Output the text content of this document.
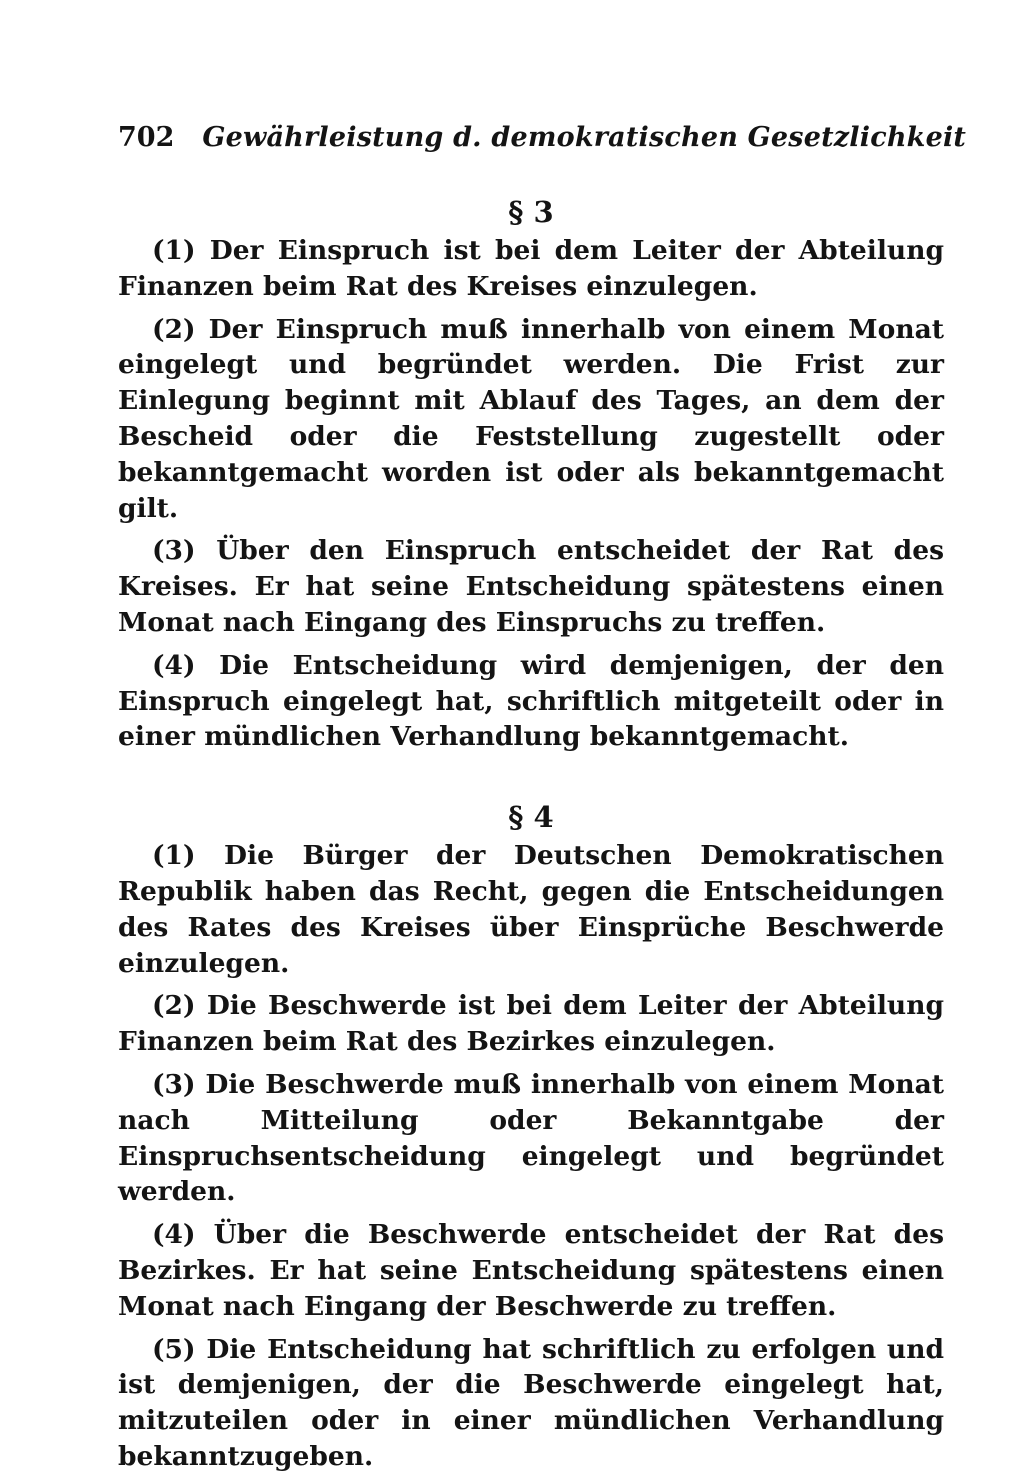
702 Gewährleistung d. demokratischen Gesetzlichkeit
§ 3

(1) Der Einspruch ist bei dem Leiter der Abteilung Finanzen beim Rat des Kreises einzulegen.

(2) Der Einspruch muß innerhalb von einem Monat eingelegt und begründet werden. Die Frist zur Einlegung beginnt mit Ablauf des Tages, an dem der Bescheid oder die Feststellung zugestellt oder bekanntgemacht worden ist oder als bekanntgemacht gilt.

(3) Über den Einspruch entscheidet der Rat des Kreises. Er hat seine Entscheidung spätestens einen Monat nach Eingang des Einspruchs zu treffen.

(4) Die Entscheidung wird demjenigen, der den Einspruch eingelegt hat, schriftlich mitgeteilt oder in einer mündlichen Verhandlung bekanntgemacht.

§ 4

(1) Die Bürger der Deutschen Demokratischen Republik haben das Recht, gegen die Entscheidungen des Rates des Kreises über Einsprüche Beschwerde einzulegen.

(2) Die Beschwerde ist bei dem Leiter der Abteilung Finanzen beim Rat des Bezirkes einzulegen.

(3) Die Beschwerde muß innerhalb von einem Monat nach Mitteilung oder Bekanntgabe der Einspruchsentscheidung eingelegt und begründet werden.

(4) Über die Beschwerde entscheidet der Rat des Bezirkes. Er hat seine Entscheidung spätestens einen Monat nach Eingang der Beschwerde zu treffen.

(5) Die Entscheidung hat schriftlich zu erfolgen und ist demjenigen, der die Beschwerde eingelegt hat, mitzuteilen oder in einer mündlichen Verhandlung bekanntzugeben.
